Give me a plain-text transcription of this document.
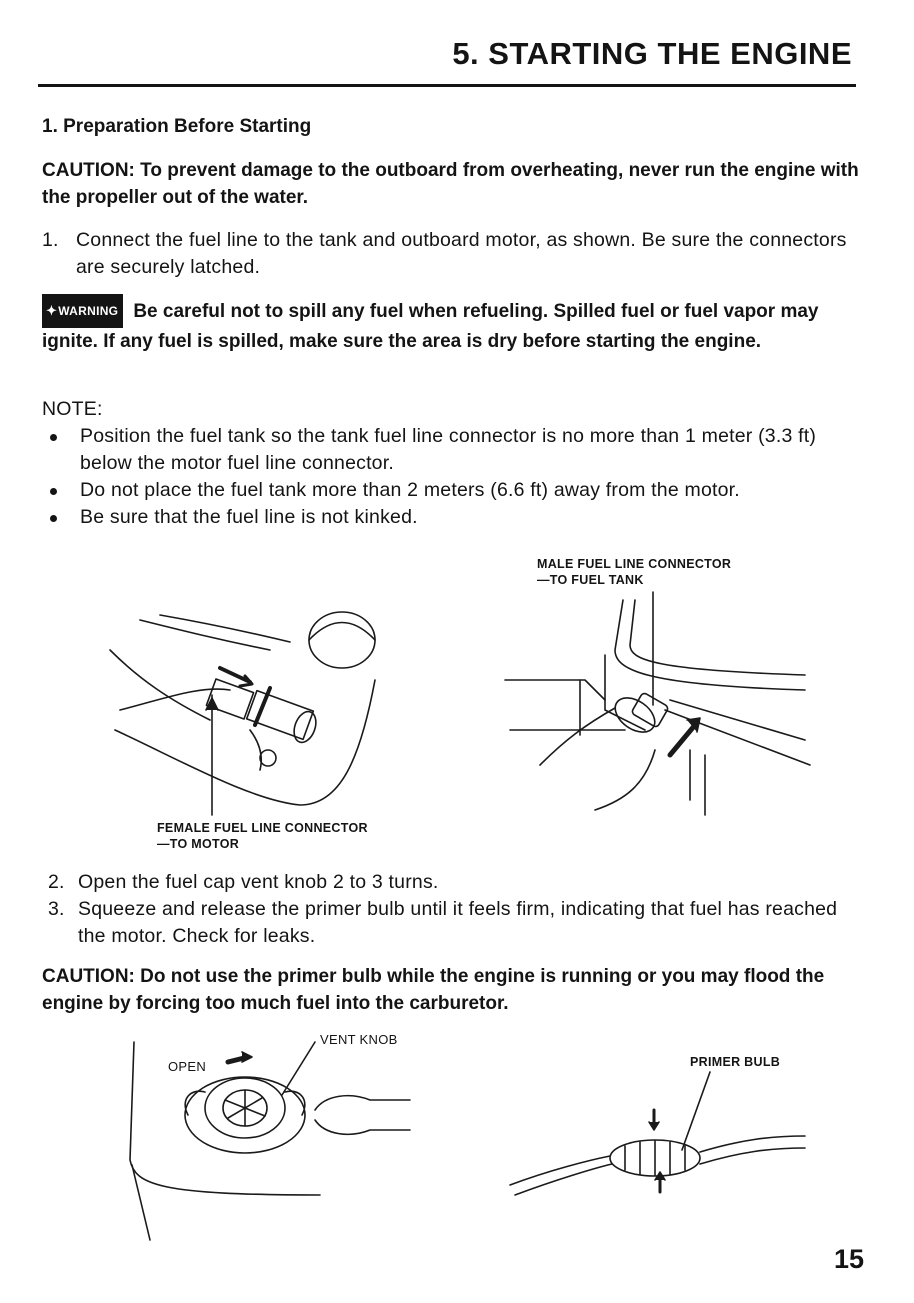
5. STARTING THE ENGINE
1. Preparation Before Starting
CAUTION: To prevent damage to the outboard from overheating, never run the engine with the propeller out of the water.
1. Connect the fuel line to the tank and outboard motor, as shown. Be sure the connectors are securely latched.
✦WARNING Be careful not to spill any fuel when refueling. Spilled fuel or fuel vapor may ignite. If any fuel is spilled, make sure the area is dry before starting the engine.
NOTE:
Position the fuel tank so the tank fuel line connector is no more than 1 meter (3.3 ft) below the motor fuel line connector.
Do not place the fuel tank more than 2 meters (6.6 ft) away from the motor.
Be sure that the fuel line is not kinked.
MALE FUEL LINE CONNECTOR
—TO FUEL TANK
FEMALE FUEL LINE CONNECTOR
—TO MOTOR
2. Open the fuel cap vent knob 2 to 3 turns.
3. Squeeze and release the primer bulb until it feels firm, indicating that fuel has reached the motor. Check for leaks.
CAUTION: Do not use the primer bulb while the engine is running or you may flood the engine by forcing too much fuel into the carburetor.
VENT KNOB
OPEN	PRIMER BULB
15
